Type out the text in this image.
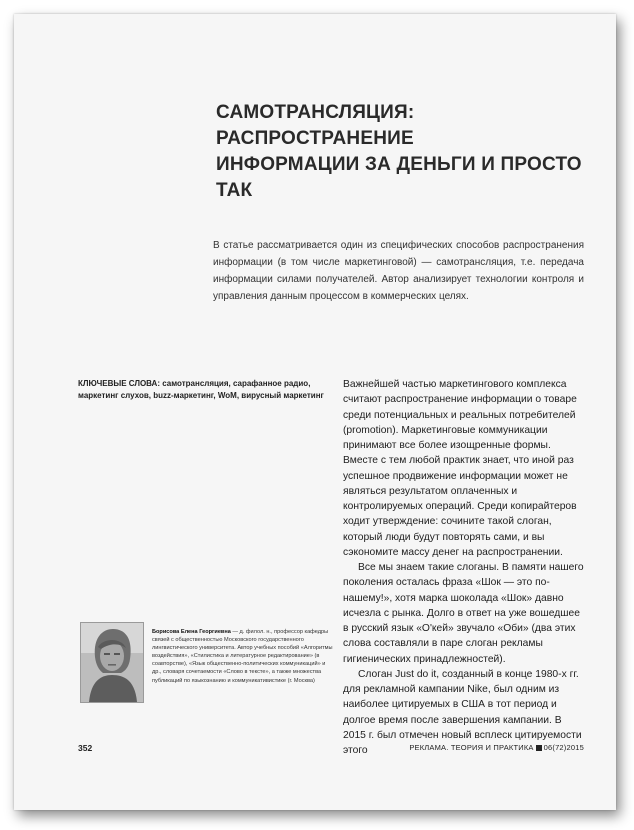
САМОТРАНСЛЯЦИЯ: РАСПРОСТРАНЕНИЕ
ИНФОРМАЦИИ ЗА ДЕНЬГИ И ПРОСТО ТАК

В статье рассматривается один из специфических способов распространения информации (в том числе маркетинговой) — самотрансляция, т.е. передача информации силами получателей. Автор анализирует технологии контроля и управления данным процессом в коммерческих целях.

КЛЮЧЕВЫЕ СЛОВА: самотрансляция, сарафанное радио, маркетинг слухов, buzz-маркетинг, WoM, вирусный маркетинг

Важнейшей частью маркетингового комплекса считают распространение информации о товаре среди потенциальных и реальных потребителей (promotion). Маркетинговые коммуникации принимают все более изощренные формы. Вместе с тем любой практик знает, что иной раз успешное продвижение информации может не являться результатом оплаченных и контролируемых операций. Среди копирайтеров ходит утверждение: сочините такой слоган, который люди будут повторять сами, и вы сэкономите массу денег на распространении.

Все мы знаем такие слоганы. В памяти нашего поколения осталась фраза «Шок — это по-нашему!», хотя марка шоколада «Шок» давно исчезла с рынка. Долго в ответ на уже вошедшее в русский язык «О'кей» звучало «Оби» (два этих слова составляли в паре слоган рекламы гигиенических принадлежностей).

Слоган Just do it, созданный в конце 1980-х гг. для рекламной кампании Nike, был одним из наиболее цитируемых в США в тот период и долгое время после завершения кампании. В 2015 г. был отмечен новый всплеск цитируемости этого

Борисова Елена Георгиевна — д. филол. н., профессор кафедры связей с общественностью Московского государственного лингвистического университета. Автор учебных пособий «Алгоритмы воздействия», «Стилистика и литературное редактирование» (в соавторстве), «Язык общественно-политических коммуникаций» и др., словаря сочетаемости «Слово в тексте», а также множества публикаций по языкознанию и коммуникативистике (г. Москва)

352	РЕКЛАМА. ТЕОРИЯ И ПРАКТИКА 06(72)2015
